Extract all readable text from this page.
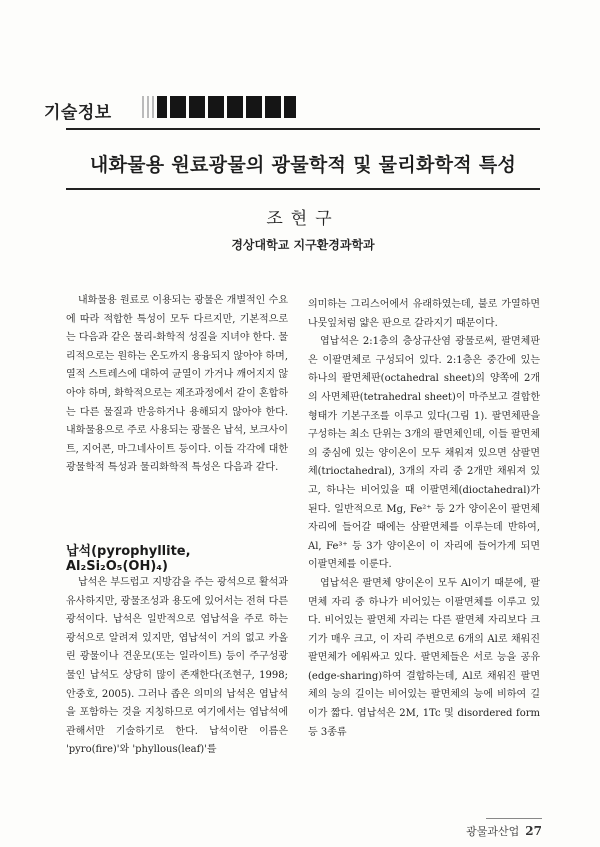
기술정보
내화물용 원료광물의 광물학적 및 물리화학적 특성
조현구
경상대학교 지구환경과학과

내화물용 원료로 이용되는 광물은 개별적인 수요에 따라 적합한 특성이 모두 다르지만, 기본적으로는 다음과 같은 물리-화학적 성질을 지녀야 한다. 물리적으로는 원하는 온도까지 용융되지 않아야 하며, 열적 스트레스에 대하여 균열이 가거나 깨어지지 않아야 하며, 화학적으로는 제조과정에서 같이 혼합하는 다른 물질과 반응하거나 용해되지 않아야 한다. 내화물용으로 주로 사용되는 광물은 납석, 보크사이트, 지어콘, 마그네사이트 등이다. 이들 각각에 대한 광물학적 특성과 물리화학적 특성은 다음과 같다.

납석(pyrophyllite, Al₂Si₂O₅(OH)₄)

납석은 부드럽고 지방감을 주는 광석으로 활석과 유사하지만, 광물조성과 용도에 있어서는 전혀 다른 광석이다. 납석은 일반적으로 엽납석을 주로 하는 광석으로 알려져 있지만, 엽납석이 거의 없고 카올린 광물이나 견운모(또는 일라이트) 등이 주구성광물인 납석도 상당히 많이 존재한다(조현구, 1998; 안중호, 2005). 그러나 좁은 의미의 납석은 엽납석을 포함하는 것을 지칭하므로 여기에서는 엽납석에 관해서만 기술하기로 한다. 납석이란 이름은 'pyro(fire)'와 'phyllous(leaf)'를

의미하는 그리스어에서 유래하였는데, 불로 가열하면 나뭇잎처럼 얇은 판으로 갈라지기 때문이다.

엽납석은 2:1층의 층상규산염 광물로써, 팔면체판은 이팔면체로 구성되어 있다. 2:1층은 중간에 있는 하나의 팔면체판(octahedral sheet)의 양쪽에 2개의 사면체판(tetrahedral sheet)이 마주보고 결합한 형태가 기본구조를 이루고 있다(그림 1). 팔면체판을 구성하는 최소 단위는 3개의 팔면체인데, 이들 팔면체의 중심에 있는 양이온이 모두 채워져 있으면 삼팔면체(trioctahedral), 3개의 자리 중 2개만 채워져 있고, 하나는 비어있을 때 이팔면체(dioctahedral)가 된다. 일반적으로 Mg, Fe²⁺ 등 2가 양이온이 팔면체 자리에 들어갈 때에는 삼팔면체를 이루는데 반하여, Al, Fe³⁺ 등 3가 양이온이 이 자리에 들어가게 되면 이팔면체를 이룬다.

엽납석은 팔면체 양이온이 모두 Al이기 때문에, 팔면체 자리 중 하나가 비어있는 이팔면체를 이루고 있다. 비어있는 팔면체 자리는 다른 팔면체 자리보다 크기가 매우 크고, 이 자리 주변으로 6개의 Al로 채워진 팔면체가 에워싸고 있다. 팔면체들은 서로 능을 공유(edge-sharing)하여 결합하는데, Al로 채워진 팔면체의 능의 길이는 비어있는 팔면체의 능에 비하여 길이가 짧다. 엽납석은 2M, 1Tc 및 disordered form 등 3종류

광물과산업 27
